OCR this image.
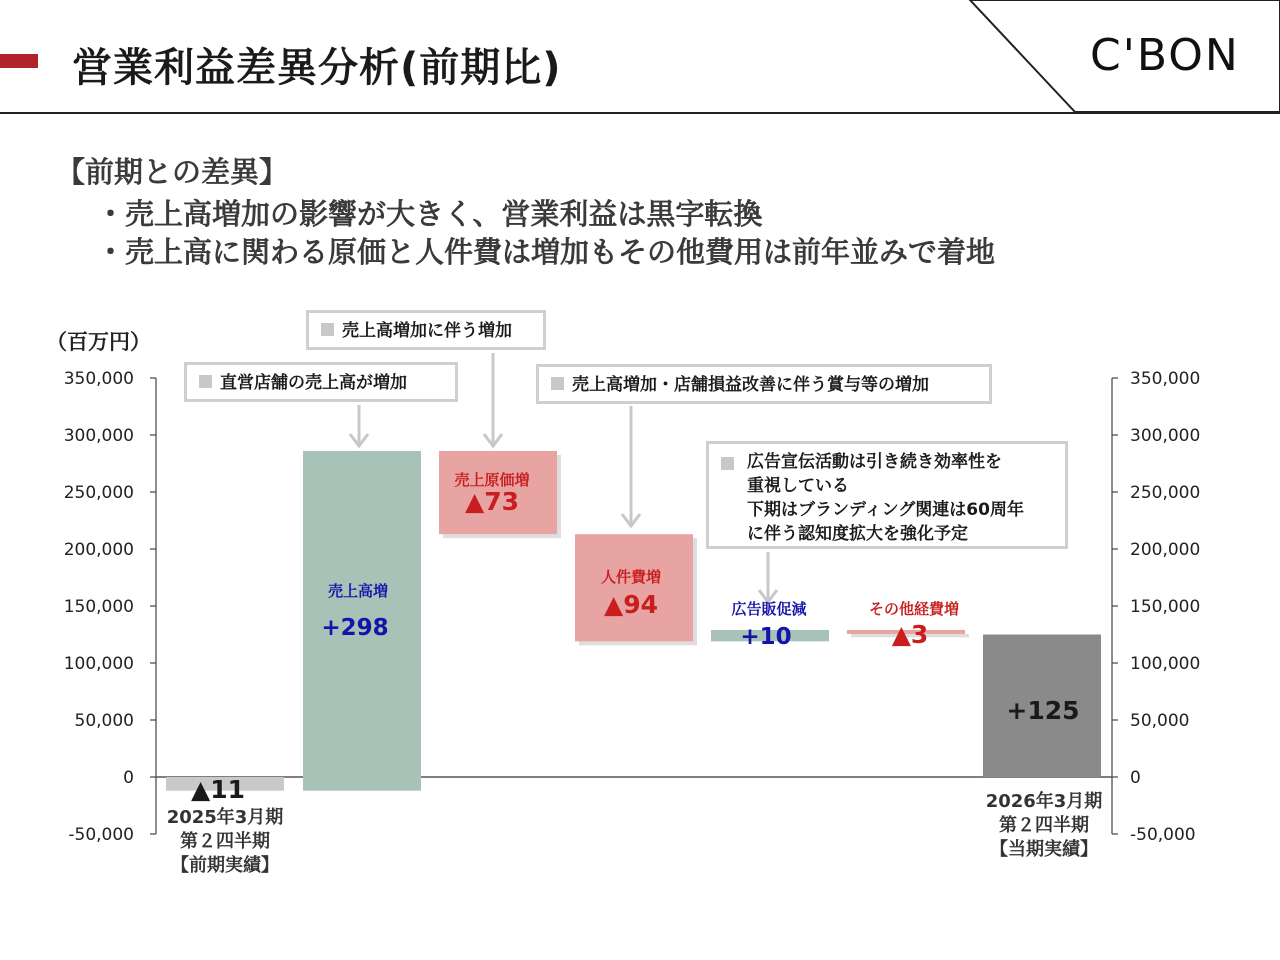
営業利益差異分析(前期比)	C'BON
【前期との差異】
・売上高増加の影響が大きく、営業利益は黒字転換
・売上高に関わる原価と人件費は増加もその他費用は前年並みで着地
（百万円）
350,000	350,000
300,000	300,000
250,000	250,000
200,000	200,000
150,000	150,000
100,000	100,000
50,000	50,000
0	0
-50,000	-50,000
直営店舗の売上高が増加
売上高増加に伴う増加
売上高増加・店舗損益改善に伴う賞与等の増加
広告宣伝活動は引き続き効率性を
重視している
下期はブランディング関連は60周年
に伴う認知度拡大を強化予定
2025年3月期
第２四半期
【前期実績】
2026年3月期
第２四半期
【当期実績】
売上高増
+298
売上原価増
▲73
人件費増
▲94	広告販促減
+10
その他経費増
▲3
+125
▲11
